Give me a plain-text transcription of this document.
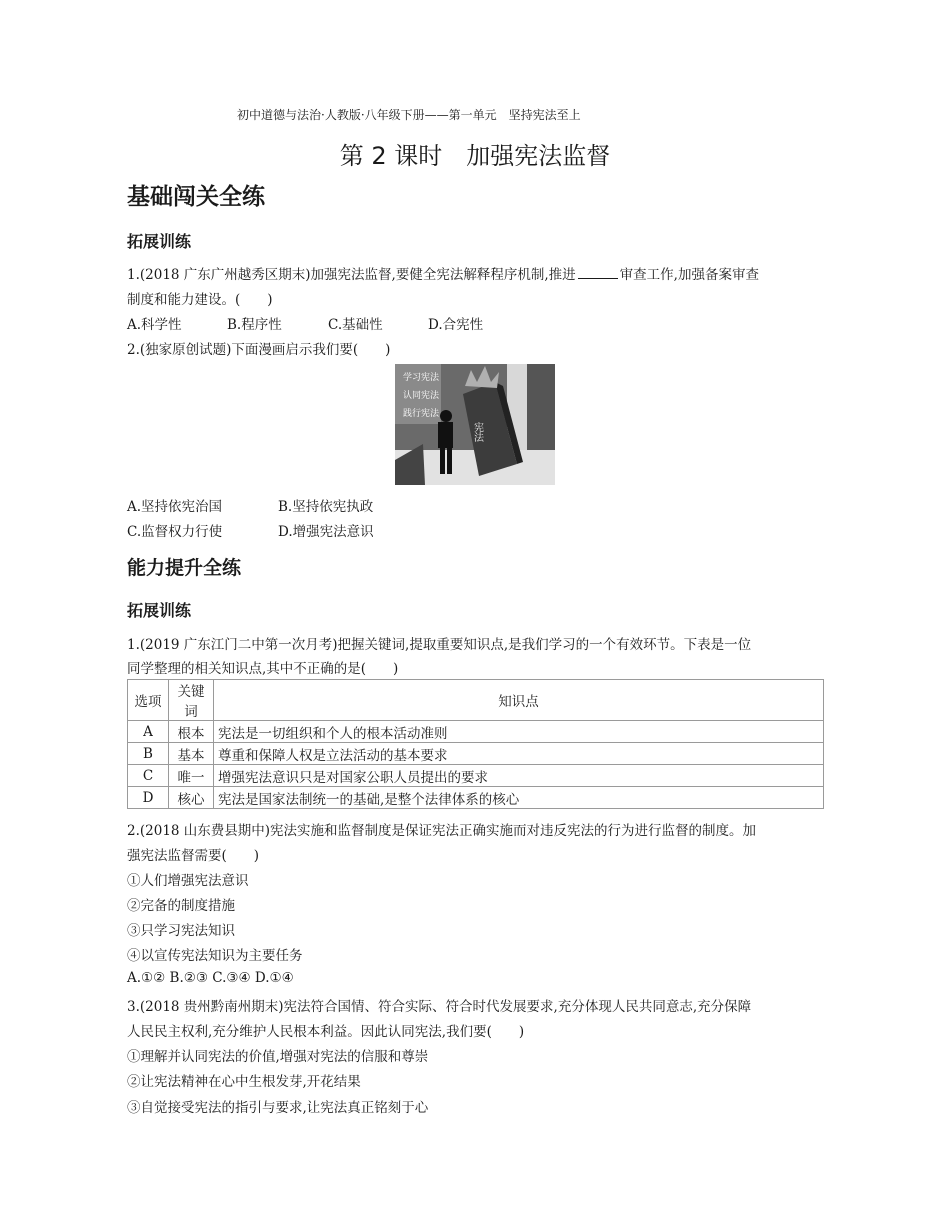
初中道德与法治·人教版·八年级下册——第一单元　坚持宪法至上
第 2 课时　加强宪法监督
基础闯关全练
拓展训练
1.(2018 广东广州越秀区期末)加强宪法监督,要健全宪法解释程序机制,推进	审查工作,加强备案审查
制度和能力建设。(　　)
A.科学性	B.程序性	C.基础性	D.合宪性
2.(独家原创试题)下面漫画启示我们要(　　)
学习宪法
认同宪法
践行宪法
宪法
A.坚持依宪治国	B.坚持依宪执政
C.监督权力行使	D.增强宪法意识
能力提升全练
拓展训练
1.(2019 广东江门二中第一次月考)把握关键词,提取重要知识点,是我们学习的一个有效环节。下表是一位
同学整理的相关知识点,其中不正确的是(　　)
选项	关键词	知识点
A	根本	宪法是一切组织和个人的根本活动准则
B	基本	尊重和保障人权是立法活动的基本要求
C	唯一	增强宪法意识只是对国家公职人员提出的要求
D	核心	宪法是国家法制统一的基础,是整个法律体系的核心
2.(2018 山东费县期中)宪法实施和监督制度是保证宪法正确实施而对违反宪法的行为进行监督的制度。加
强宪法监督需要(　　)
①人们增强宪法意识
②完备的制度措施
③只学习宪法知识
④以宣传宪法知识为主要任务
A.①② B.②③ C.③④ D.①④
3.(2018 贵州黔南州期末)宪法符合国情、符合实际、符合时代发展要求,充分体现人民共同意志,充分保障
人民民主权利,充分维护人民根本利益。因此认同宪法,我们要(　　)
①理解并认同宪法的价值,增强对宪法的信服和尊崇
②让宪法精神在心中生根发芽,开花结果
③自觉接受宪法的指引与要求,让宪法真正铭刻于心
